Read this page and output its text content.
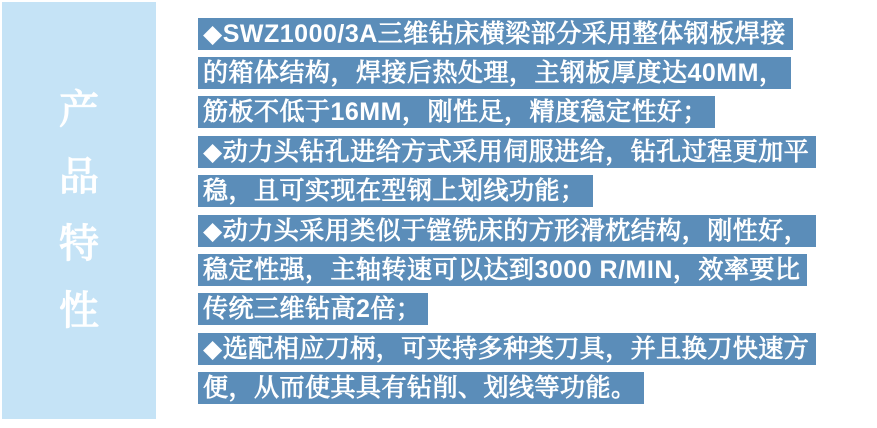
产
品
特
性
◆SWZ1000/3A三维钻床横梁部分采用整体钢板焊接
的箱体结构，焊接后热处理，主钢板厚度达40MM，
筋板不低于16MM，刚性足，精度稳定性好；
◆动力头钻孔进给方式采用伺服进给，钻孔过程更加平
稳，且可实现在型钢上划线功能；
◆动力头采用类似于镗铣床的方形滑枕结构，刚性好，
稳定性强，主轴转速可以达到3000 R/MIN，效率要比
传统三维钻高2倍；
◆选配相应刀柄，可夹持多种类刀具，并且换刀快速方
便，从而使其具有钻削、划线等功能。
